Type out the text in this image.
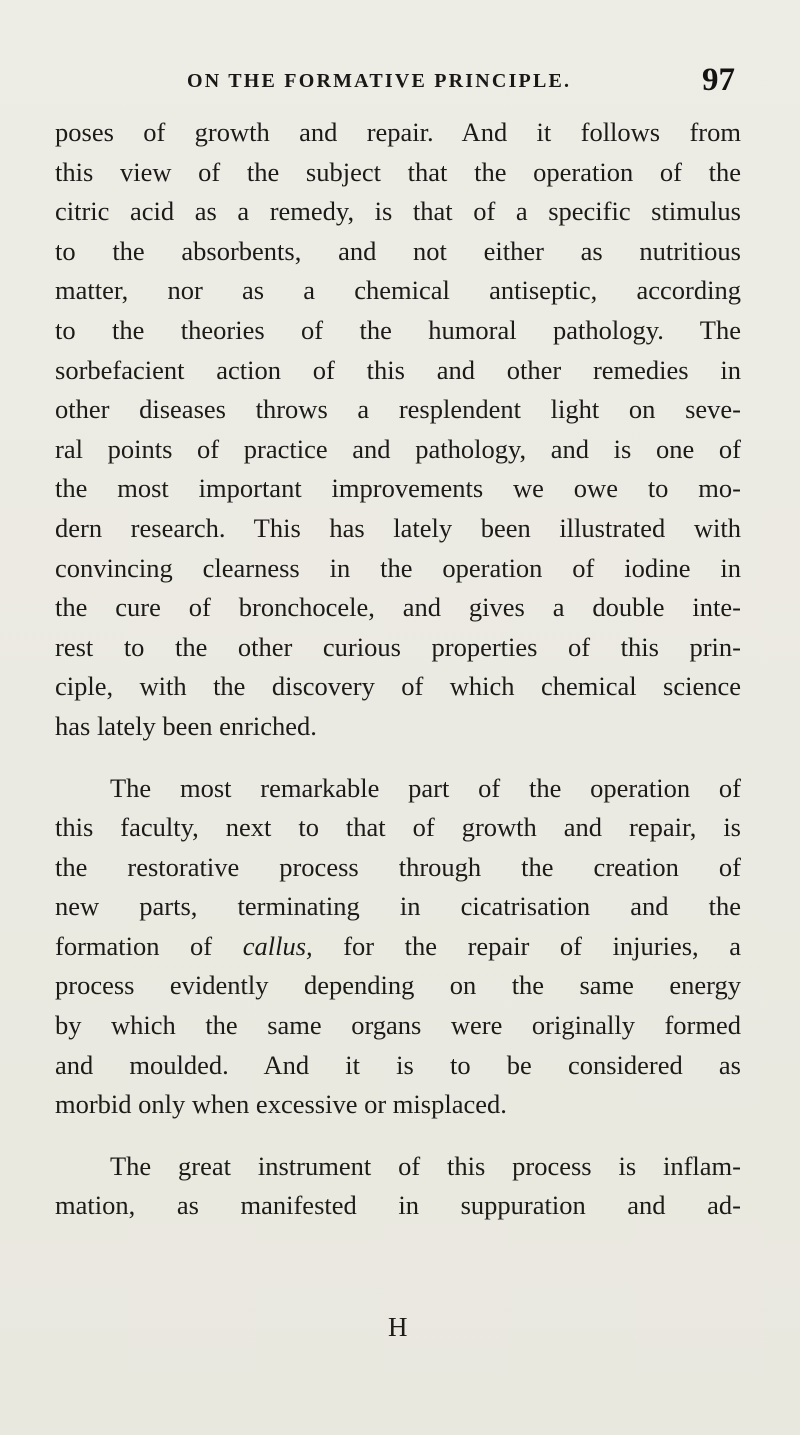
ON THE FORMATIVE PRINCIPLE.	97

poses of growth and repair. And it follows from
this view of the subject that the operation of the
citric acid as a remedy, is that of a specific stimulus
to the absorbents, and not either as nutritious
matter, nor as a chemical antiseptic, according
to the theories of the humoral pathology. The
sorbefacient action of this and other remedies in
other diseases throws a resplendent light on seve-
ral points of practice and pathology, and is one of
the most important improvements we owe to mo-
dern research. This has lately been illustrated with
convincing clearness in the operation of iodine in
the cure of bronchocele, and gives a double inte-
rest to the other curious properties of this prin-
ciple, with the discovery of which chemical science
has lately been enriched.

The most remarkable part of the operation of
this faculty, next to that of growth and repair, is
the restorative process through the creation of
new parts, terminating in cicatrisation and the
formation of callus, for the repair of injuries, a
process evidently depending on the same energy
by which the same organs were originally formed
and moulded. And it is to be considered as
morbid only when excessive or misplaced.

The great instrument of this process is inflam-
mation, as manifested in suppuration and ad-

H
